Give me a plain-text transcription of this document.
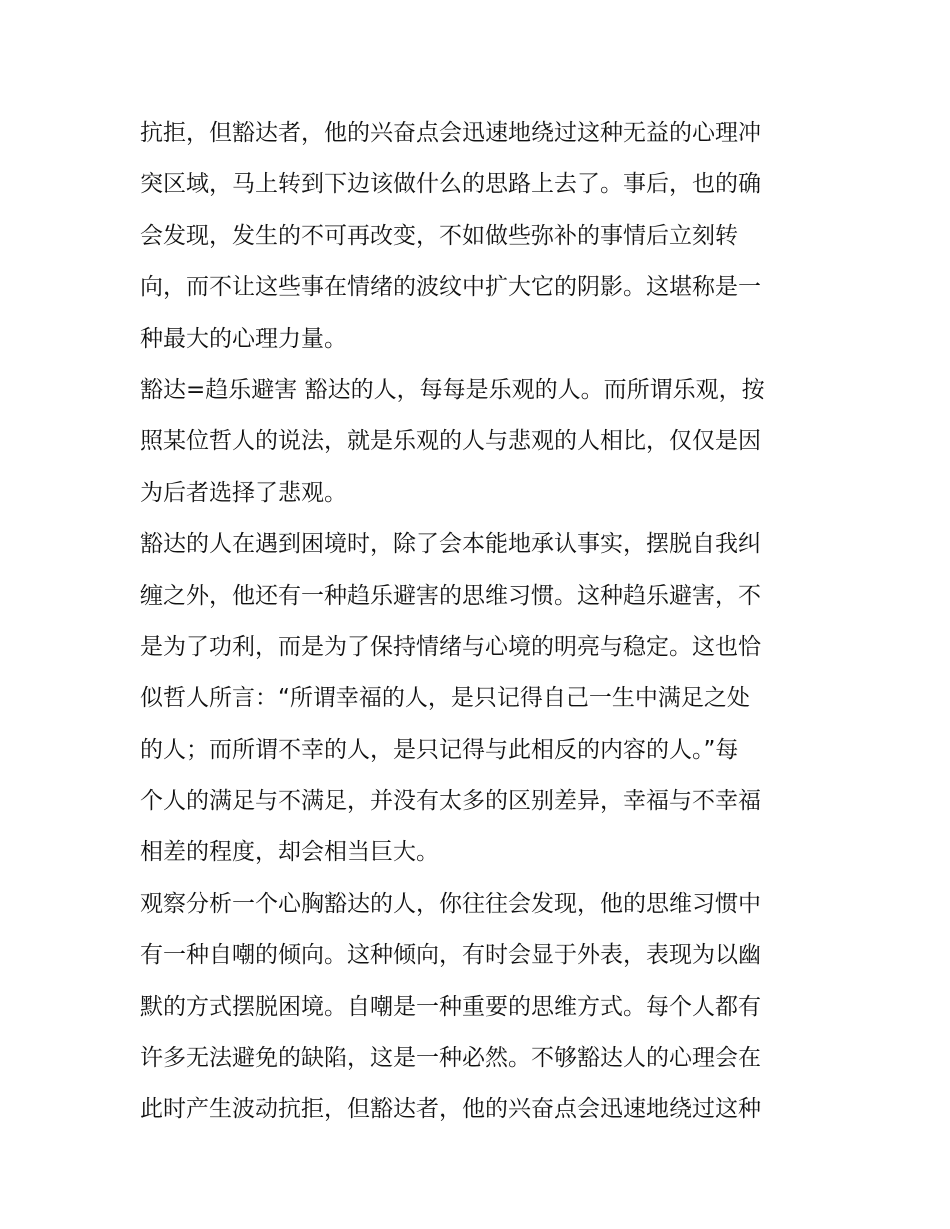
抗拒，但豁达者，他的兴奋点会迅速地绕过这种无益的心理冲
突区域，马上转到下边该做什么的思路上去了。事后，也的确
会发现，发生的不可再改变，不如做些弥补的事情后立刻转
向，而不让这些事在情绪的波纹中扩大它的阴影。这堪称是一
种最大的心理力量。
豁达=趋乐避害 豁达的人，每每是乐观的人。而所谓乐观，按
照某位哲人的说法，就是乐观的人与悲观的人相比，仅仅是因
为后者选择了悲观。
豁达的人在遇到困境时，除了会本能地承认事实，摆脱自我纠
缠之外，他还有一种趋乐避害的思维习惯。这种趋乐避害，不
是为了功利，而是为了保持情绪与心境的明亮与稳定。这也恰
似哲人所言：“所谓幸福的人，是只记得自己一生中满足之处
的人；而所谓不幸的人，是只记得与此相反的内容的人。”每
个人的满足与不满足，并没有太多的区别差异，幸福与不幸福
相差的程度，却会相当巨大。
观察分析一个心胸豁达的人，你往往会发现，他的思维习惯中
有一种自嘲的倾向。这种倾向，有时会显于外表，表现为以幽
默的方式摆脱困境。自嘲是一种重要的思维方式。每个人都有
许多无法避免的缺陷，这是一种必然。不够豁达人的心理会在
此时产生波动抗拒，但豁达者，他的兴奋点会迅速地绕过这种
